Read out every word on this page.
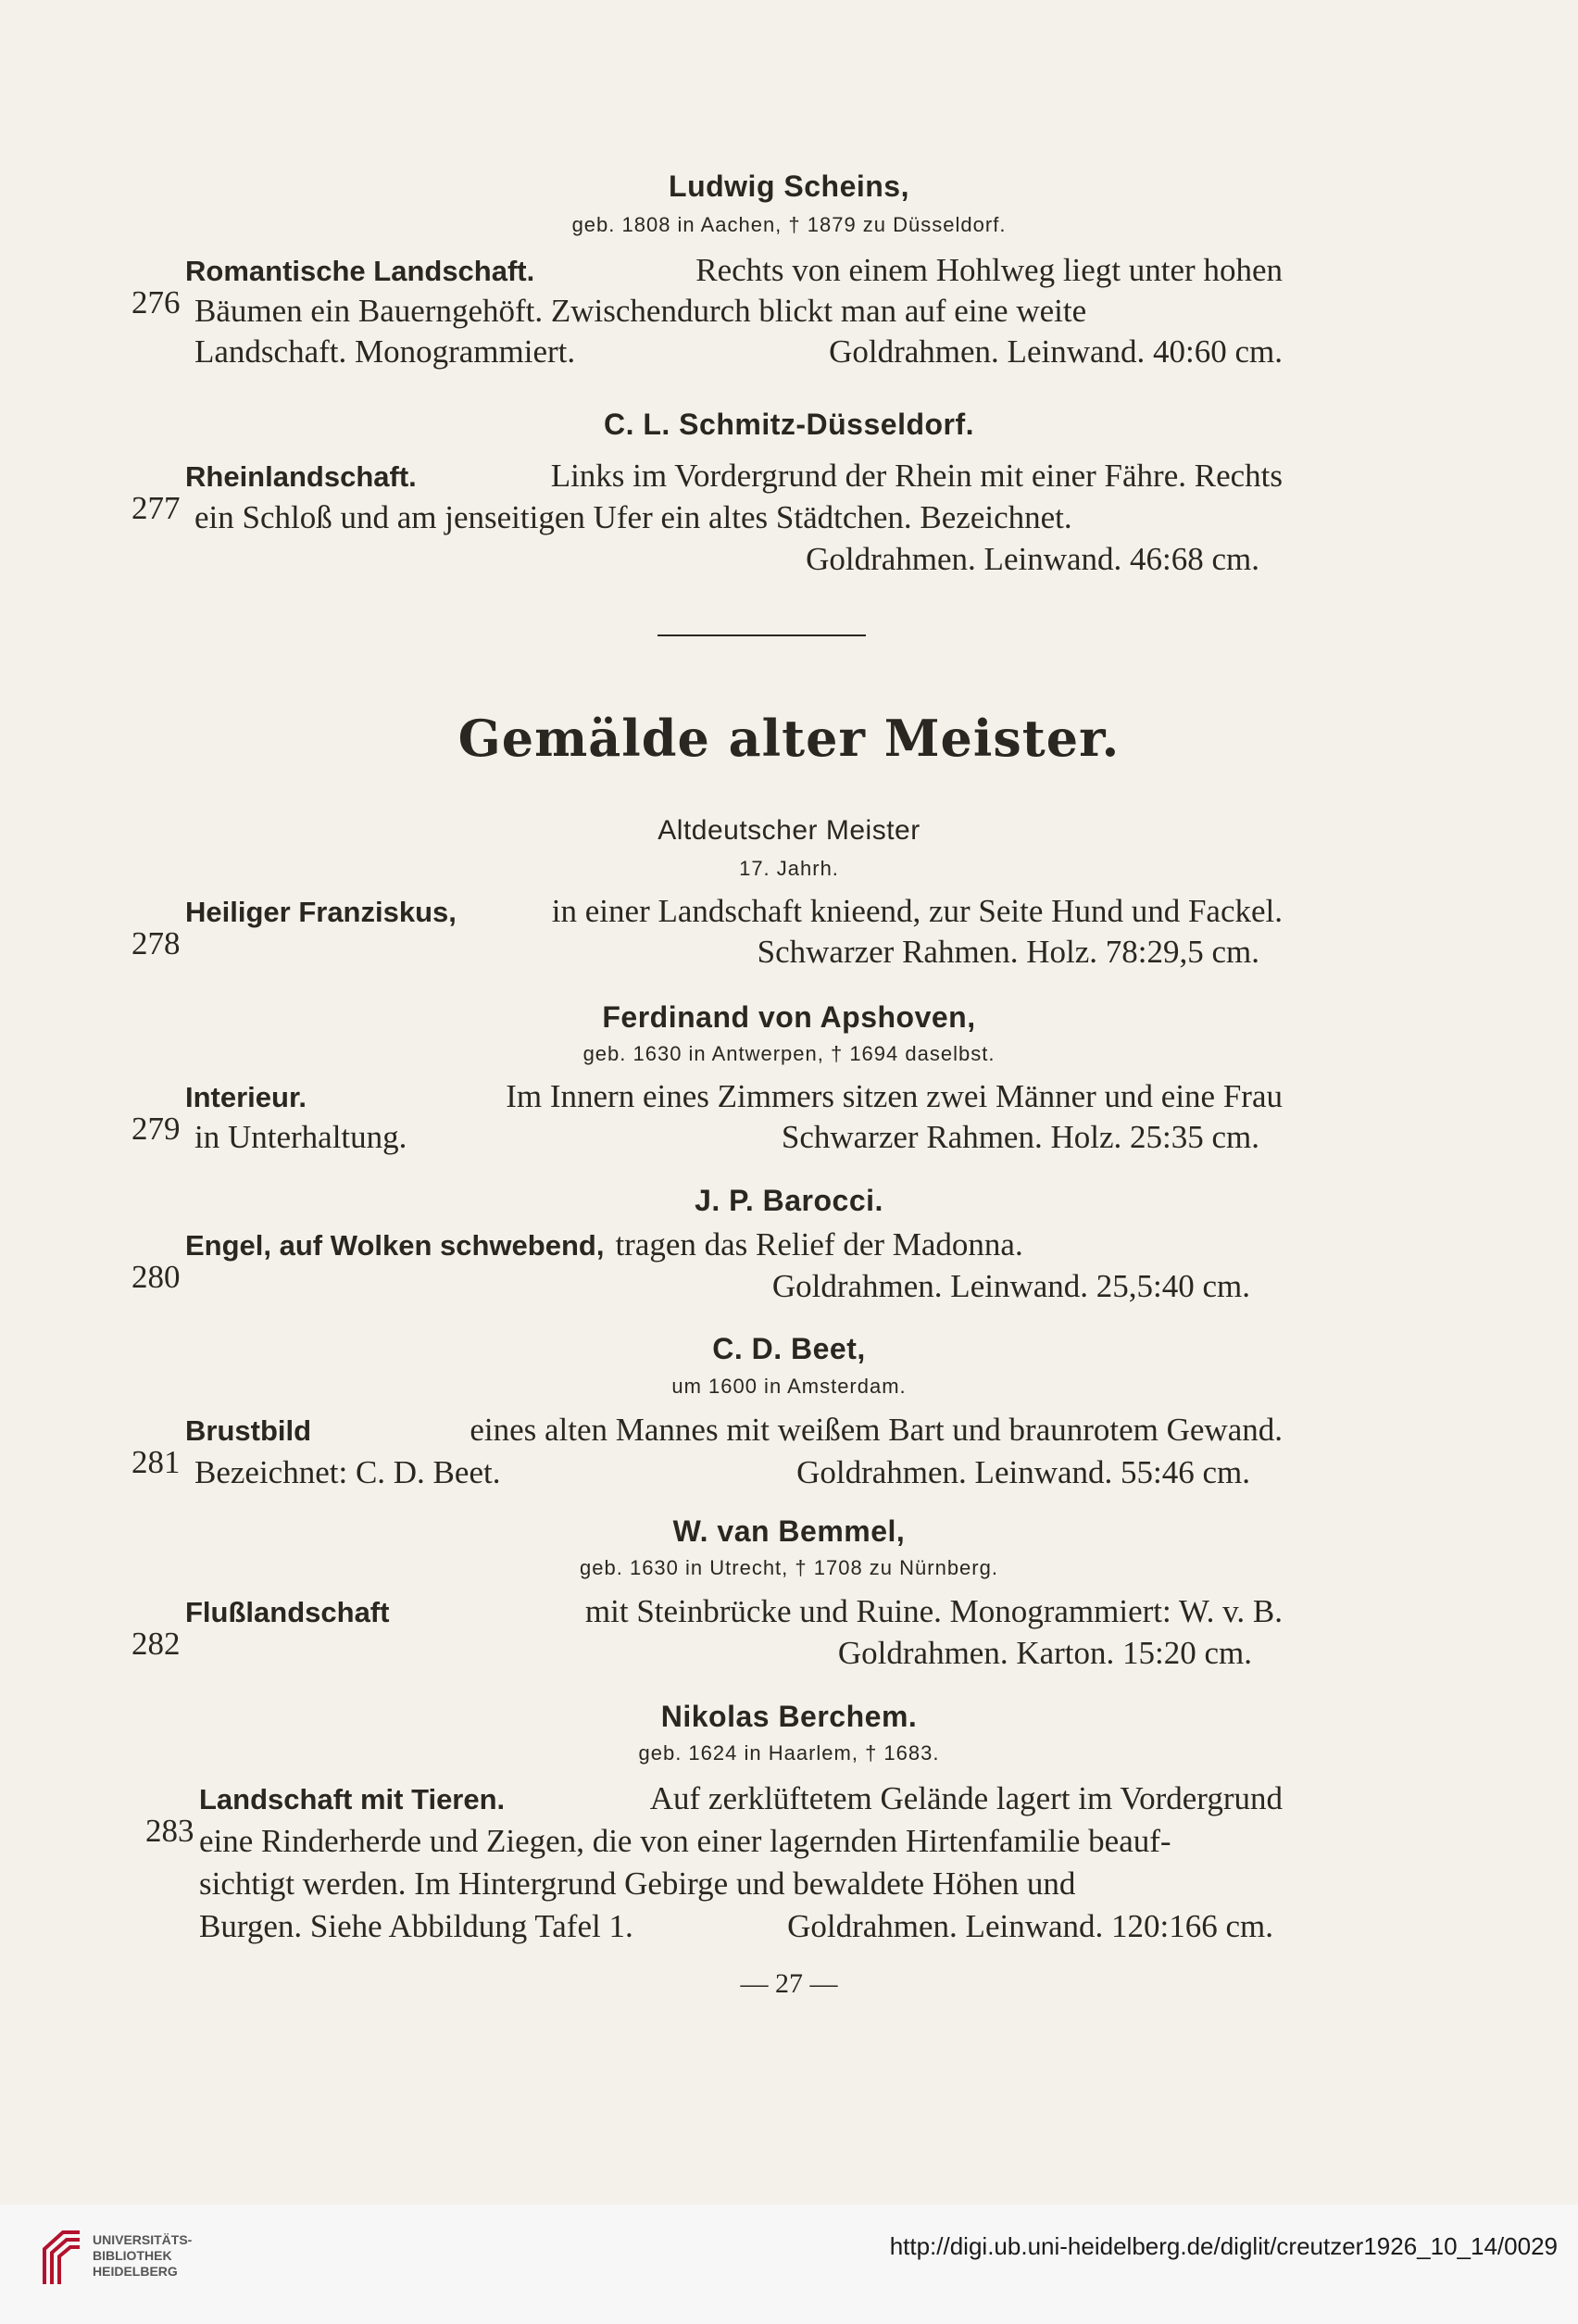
Ludwig Scheins,
geb. 1808 in Aachen, † 1879 zu Düsseldorf.
276
Romantische Landschaft.	Rechts von einem Hohlweg liegt unter hohen
Bäumen ein Bauerngehöft. Zwischendurch blickt man auf eine weite
Landschaft. Monogrammiert.	Goldrahmen. Leinwand. 40:60 cm.
C. L. Schmitz-Düsseldorf.
277
Rheinlandschaft.	Links im Vordergrund der Rhein mit einer Fähre. Rechts
ein Schloß und am jenseitigen Ufer ein altes Städtchen. Bezeichnet.
Goldrahmen. Leinwand. 46:68 cm.
Gemälde alter Meister.
Altdeutscher Meister
17. Jahrh.
278
Heiliger Franziskus,	in einer Landschaft knieend, zur Seite Hund und Fackel.
Schwarzer Rahmen. Holz. 78:29,5 cm.
Ferdinand von Apshoven,
geb. 1630 in Antwerpen, † 1694 daselbst.
279
Interieur.	Im Innern eines Zimmers sitzen zwei Männer und eine Frau
in Unterhaltung.	Schwarzer Rahmen. Holz. 25:35 cm.
J. P. Barocci.
280
Engel, auf Wolken schwebend, tragen das Relief der Madonna.
Goldrahmen. Leinwand. 25,5:40 cm.
C. D. Beet,
um 1600 in Amsterdam.
281
Brustbild	eines alten Mannes mit weißem Bart und braunrotem Gewand.
Bezeichnet: C. D. Beet.	Goldrahmen. Leinwand. 55:46 cm.
W. van Bemmel,
geb. 1630 in Utrecht, † 1708 zu Nürnberg.
282
Flußlandschaft	mit Steinbrücke und Ruine. Monogrammiert: W. v. B.
Goldrahmen. Karton. 15:20 cm.
Nikolas Berchem.
geb. 1624 in Haarlem, † 1683.
283
Landschaft mit Tieren.	Auf zerklüftetem Gelände lagert im Vordergrund
eine Rinderherde und Ziegen, die von einer lagernden Hirtenfamilie beauf-
sichtigt werden. Im Hintergrund Gebirge und bewaldete Höhen und
Burgen. Siehe Abbildung Tafel 1.	Goldrahmen. Leinwand. 120:166 cm.
— 27 —
UNIVERSITÄTS-
BIBLIOTHEK
HEIDELBERG
http://digi.ub.uni-heidelberg.de/diglit/creutzer1926_10_14/0029
